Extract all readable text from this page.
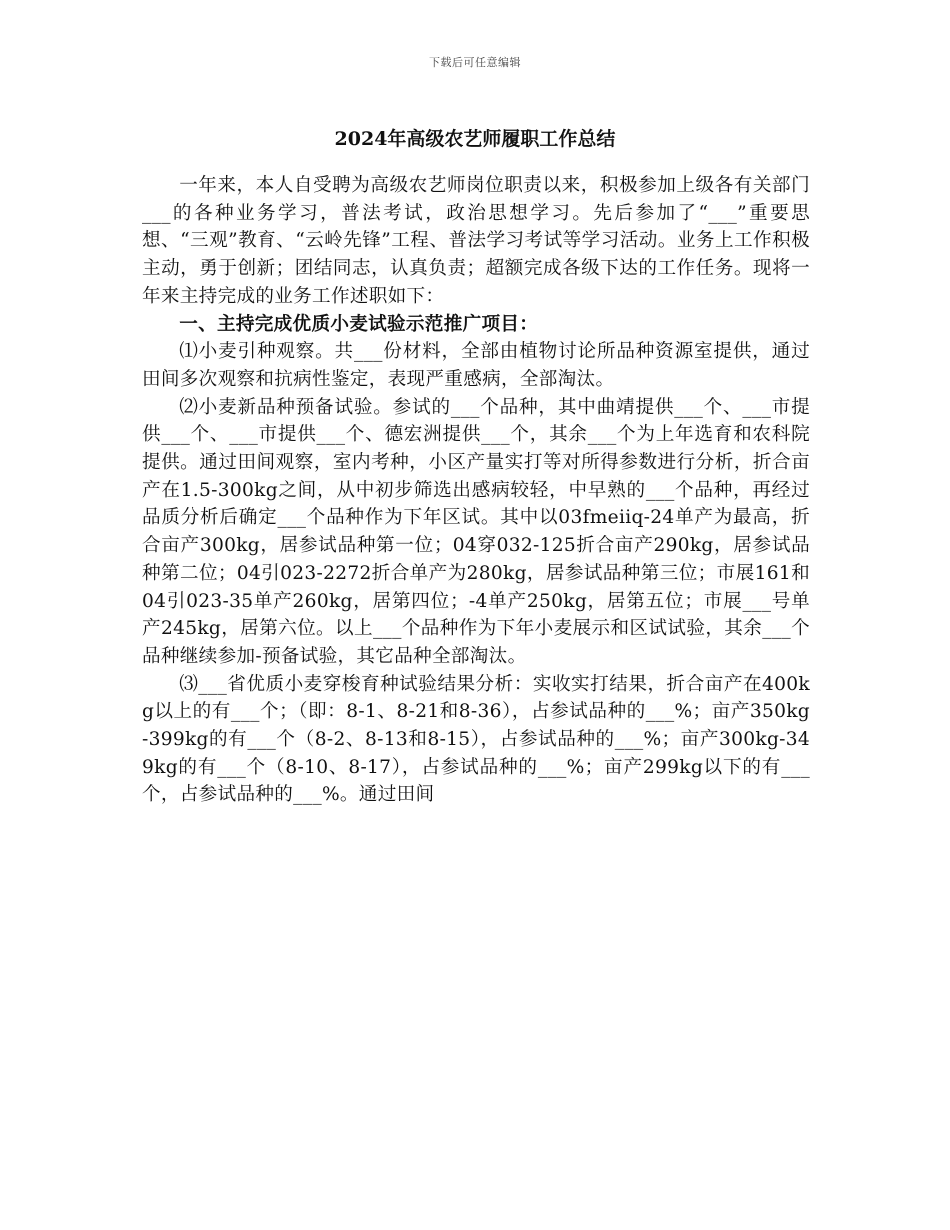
下载后可任意编辑
2024年高级农艺师履职工作总结

一年来，本人自受聘为高级农艺师岗位职责以来，积极参加上级各有关部门___的各种业务学习，普法考试，政治思想学习。先后参加了“___”重要思想、“三观”教育、“云岭先锋”工程、普法学习考试等学习活动。业务上工作积极主动，勇于创新；团结同志，认真负责；超额完成各级下达的工作任务。现将一年来主持完成的业务工作述职如下：

一、主持完成优质小麦试验示范推广项目：

⑴小麦引种观察。共___份材料，全部由植物讨论所品种资源室提供，通过田间多次观察和抗病性鉴定，表现严重感病，全部淘汰。

⑵小麦新品种预备试验。参试的___个品种，其中曲靖提供___个、___市提供___个、___市提供___个、德宏洲提供___个，其余___个为上年选育和农科院提供。通过田间观察，室内考种，小区产量实打等对所得参数进行分析，折合亩产在1.5-300kg之间，从中初步筛选出感病较轻，中早熟的___个品种，再经过品质分析后确定___个品种作为下年区试。其中以03fmeiiq-24单产为最高，折合亩产300kg，居参试品种第一位；04穿032-125折合亩产290kg，居参试品种第二位；04引023-2272折合单产为280kg，居参试品种第三位；市展161和04引023-35单产260kg，居第四位；-4单产250kg，居第五位；市展___号单产245kg，居第六位。以上___个品种作为下年小麦展示和区试试验，其余___个品种继续参加-预备试验，其它品种全部淘汰。

⑶___省优质小麦穿梭育种试验结果分析：实收实打结果，折合亩产在400kg以上的有___个；（即：8-1、8-21和8-36），占参试品种的___%；亩产350kg-399kg的有___个（8-2、8-13和8-15），占参试品种的___%；亩产300kg-349kg的有___个（8-10、8-17），占参试品种的___%；亩产299kg以下的有___个，占参试品种的___%。通过田间
